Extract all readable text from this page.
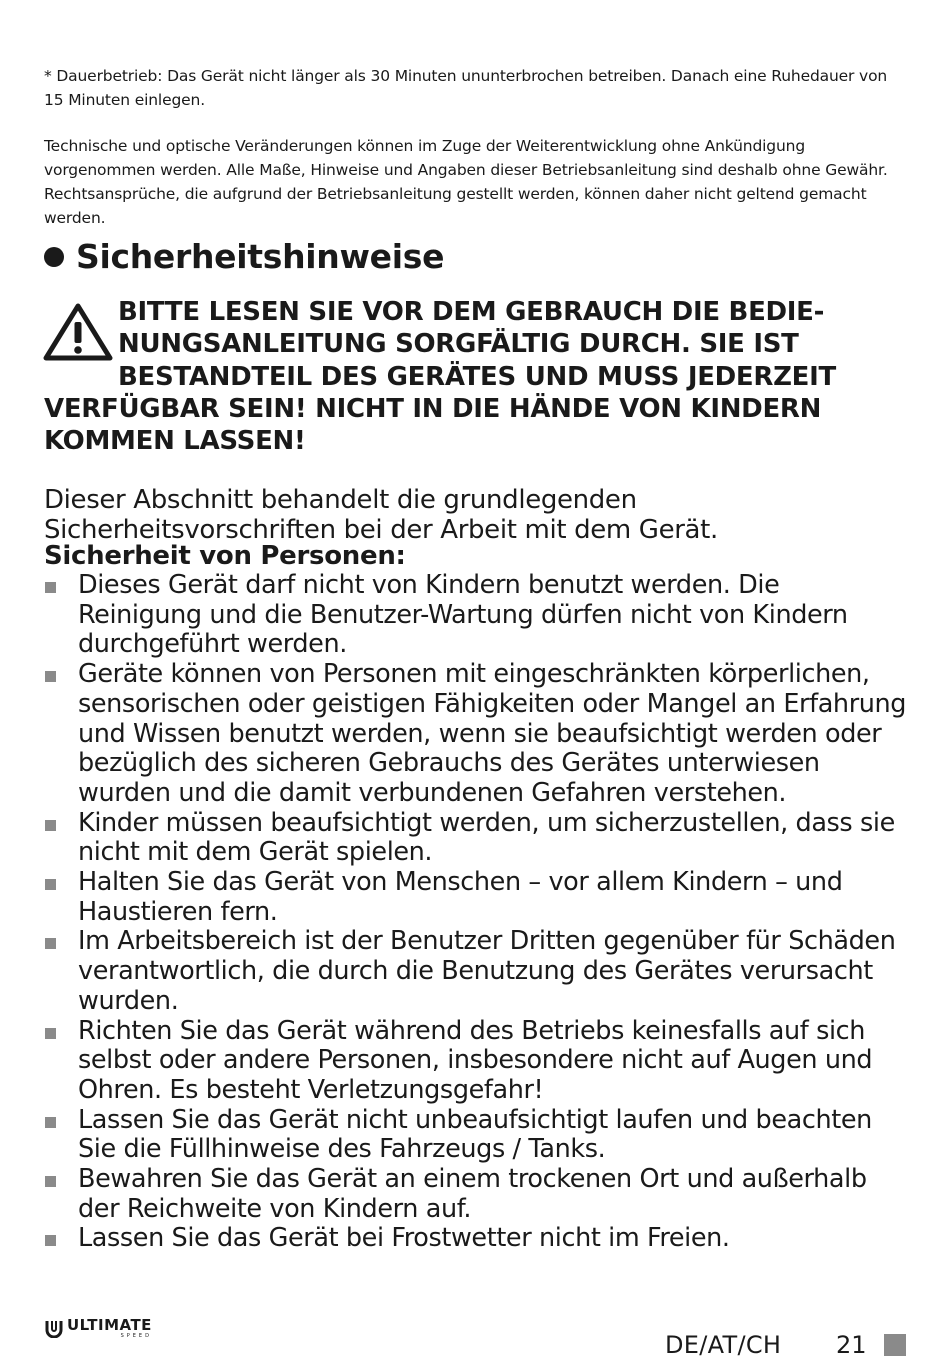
* Dauerbetrieb: Das Gerät nicht länger als 30 Minuten ununterbrochen betreiben. Danach eine Ruhedauer von 15 Minuten einlegen.
Technische und optische Veränderungen können im Zuge der Weiterentwicklung ohne Ankündigung vorgenommen werden. Alle Maße, Hinweise und Angaben dieser Betriebsanleitung sind deshalb ohne Gewähr. Rechtsansprüche, die aufgrund der Betriebsanleitung gestellt werden, können daher nicht geltend gemacht werden.
Sicherheitshinweise
BITTE LESEN SIE VOR DEM GEBRAUCH DIE BEDIE-
NUNGSANLEITUNG SORGFÄLTIG DURCH. SIE IST
BESTANDTEIL DES GERÄTES UND MUSS JEDERZEIT
VERFÜGBAR SEIN! NICHT IN DIE HÄNDE VON KINDERN
KOMMEN LASSEN!
Dieser Abschnitt behandelt die grundlegenden Sicherheitsvorschriften bei der Arbeit mit dem Gerät.
Sicherheit von Personen:
Dieses Gerät darf nicht von Kindern benutzt werden. Die Reinigung und die Benutzer-Wartung dürfen nicht von Kindern durchgeführt werden.
Geräte können von Personen mit eingeschränkten körperlichen, sensorischen oder geistigen Fähigkeiten oder Mangel an Erfahrung und Wissen benutzt werden, wenn sie beaufsichtigt werden oder bezüglich des sicheren Gebrauchs des Gerätes unterwiesen wurden und die damit verbundenen Gefahren verstehen.
Kinder müssen beaufsichtigt werden, um sicherzustellen, dass sie nicht mit dem Gerät spielen.
Halten Sie das Gerät von Menschen – vor allem Kindern – und Haustieren fern.
Im Arbeitsbereich ist der Benutzer Dritten gegenüber für Schäden verantwortlich, die durch die Benutzung des Gerätes verursacht wurden.
Richten Sie das Gerät während des Betriebs keinesfalls auf sich selbst oder andere Personen, insbesondere nicht auf Augen und Ohren. Es besteht Verletzungsgefahr!
Lassen Sie das Gerät nicht unbeaufsichtigt laufen und beachten Sie die Füllhinweise des Fahrzeugs / Tanks.
Bewahren Sie das Gerät an einem trockenen Ort und außerhalb der Reichweite von Kindern auf.
Lassen Sie das Gerät bei Frostwetter nicht im Freien.
ULTIMATE
SPEED	DE/AT/CH 21
